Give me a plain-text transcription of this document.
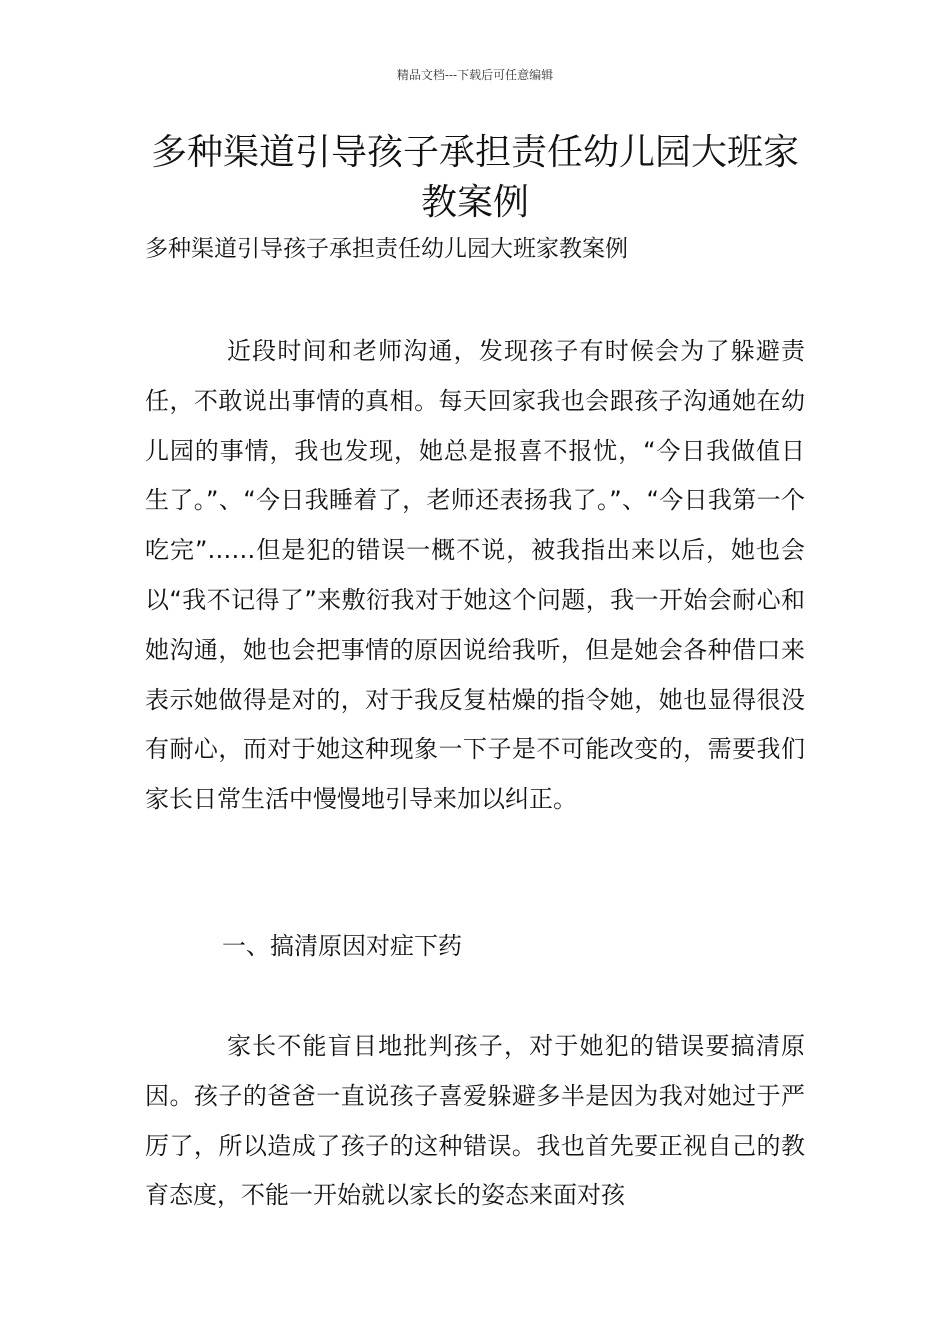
精品文档---下载后可任意编辑
多种渠道引导孩子承担责任幼儿园大班家教案例
多种渠道引导孩子承担责任幼儿园大班家教案例

近段时间和老师沟通，发现孩子有时候会为了躲避责任，不敢说出事情的真相。每天回家我也会跟孩子沟通她在幼儿园的事情，我也发现，她总是报喜不报忧，“今日我做值日生了。”、“今日我睡着了，老师还表扬我了。”、“今日我第一个吃完”……但是犯的错误一概不说，被我指出来以后，她也会以“我不记得了”来敷衍我对于她这个问题，我一开始会耐心和她沟通，她也会把事情的原因说给我听，但是她会各种借口来表示她做得是对的，对于我反复枯燥的指令她，她也显得很没有耐心，而对于她这种现象一下子是不可能改变的，需要我们家长日常生活中慢慢地引导来加以纠正。

一、搞清原因对症下药

家长不能盲目地批判孩子，对于她犯的错误要搞清原因。孩子的爸爸一直说孩子喜爱躲避多半是因为我对她过于严厉了，所以造成了孩子的这种错误。我也首先要正视自己的教育态度，不能一开始就以家长的姿态来面对孩
